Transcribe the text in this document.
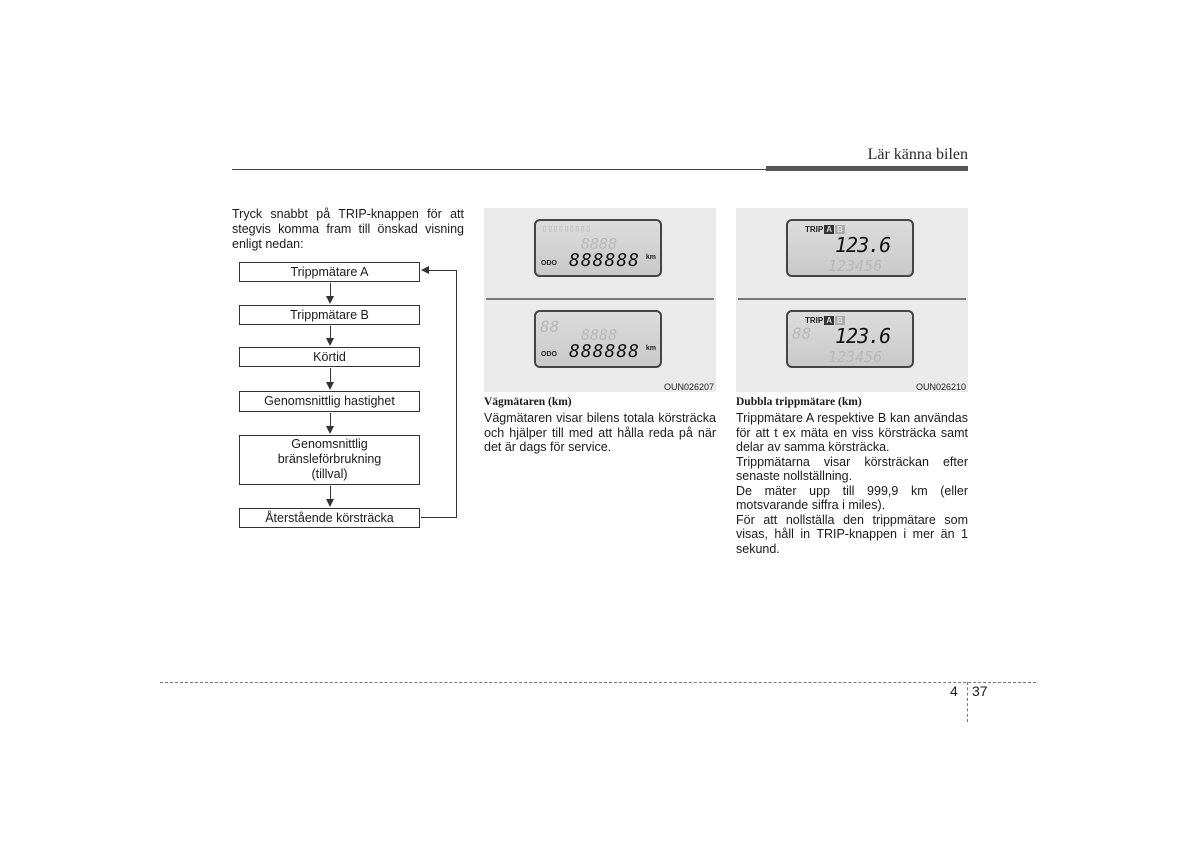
Lär känna bilen
Tryck snabbt på TRIP-knappen för att stegvis komma fram till önskad visning enligt nedan:
Trippmätare A
Trippmätare B
Körtid
Genomsnittlig hastighet
Genomsnittlig
bränsleförbrukning
(tillval)
Återstående körsträcka
▯▯▯▯▯▯▯▯▯
8888
ODO 888888 km
88 8888
ODO 888888 km
OUN026207
Vägmätaren (km)

Vägmätaren visar bilens totala körsträcka och hjälper till med att hålla reda på när det är dags för service.

TRIP A B
123.6
123456
TRIP A B
88 123.6
123456
OUN026210
Dubbla trippmätare (km)

Trippmätare A respektive B kan användas för att t ex mäta en viss körsträcka samt delar av samma körsträcka.

Trippmätarna visar körsträckan efter senaste nollställning.

De mäter upp till 999,9 km (eller motsvarande siffra i miles).

För att nollställa den trippmätare som visas, håll in TRIP-knappen i mer än 1 sekund.

4 37
